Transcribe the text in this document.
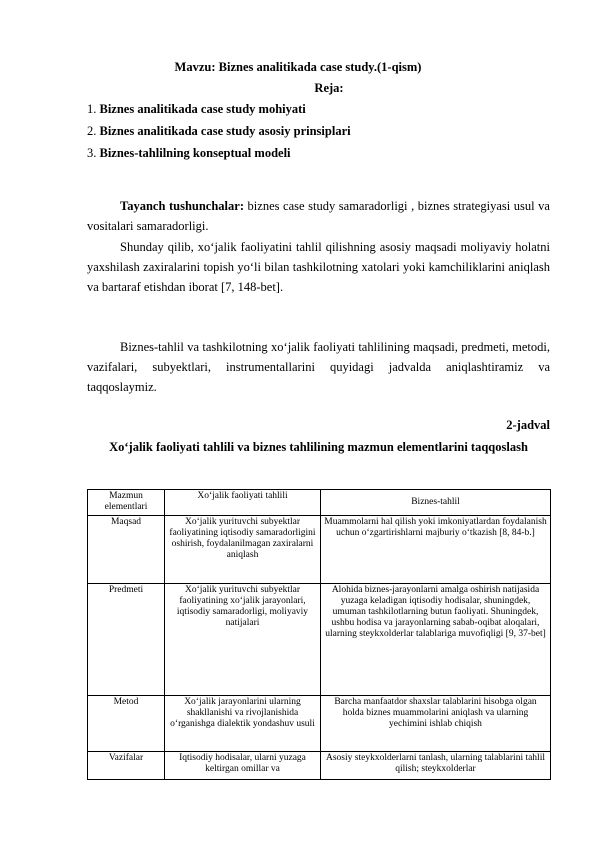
Mavzu: Biznes analitikada case study.(1-qism)
Reja:
1. Biznes analitikada case study mohiyati
2. Biznes analitikada case study asosiy prinsiplari
3. Biznes-tahlilning konseptual modeli
Tayanch tushunchalar: biznes case study samaradorligi , biznes strategiyasi usul va vositalari samaradorligi.
Shunday qilib, xo‘jalik faoliyatini tahlil qilishning asosiy maqsadi moliyaviy holatni yaxshilash zaxiralarini topish yo‘li bilan tashkilotning xatolari yoki kamchiliklarini aniqlash va bartaraf etishdan iborat [7, 148-bet].
Biznes-tahlil va tashkilotning xo‘jalik faoliyati tahlilining maqsadi, predmeti, metodi, vazifalari, subyektlari, instrumentallarini quyidagi jadvalda aniqlashtiramiz va taqqoslaymiz.
2-jadval
Xo‘jalik faoliyati tahlili va biznes tahlilining mazmun elementlarini taqqoslash
Mazmun elementlari	Xo‘jalik faoliyati tahlili	Biznes-tahlil
Maqsad	Xo‘jalik yurituvchi subyektlar faoliyatining iqtisodiy samaradorligini oshirish, foydalanilmagan zaxiralarni aniqlash	Muammolarni hal qilish yoki imkoniyatlardan foydalanish uchun o‘zgartirishlarni majburiy o‘tkazish [8, 84-b.]
Predmeti	Xo‘jalik yurituvchi subyektlar faoliyatining xo‘jalik jarayonlari, iqtisodiy samaradorligi, moliyaviy natijalari	Alohida biznes-jarayonlarni amalga oshirish natijasida yuzaga keladigan iqtisodiy hodisalar, shuningdek, umuman tashkilotlarning butun faoliyati. Shuningdek, ushbu hodisa va jarayonlarning sabab-oqibat aloqalari, ularning steykxolderlar talablariga muvofiqligi [9, 37-bet]
Metod	Xo‘jalik jarayonlarini ularning shakllanishi va rivojlanishida o‘rganishga dialektik yondashuv usuli	Barcha manfaatdor shaxslar talablarini hisobga olgan holda biznes muammolarini aniqlash va ularning yechimini ishlab chiqish
Vazifalar	Iqtisodiy hodisalar, ularni yuzaga keltirgan omillar va	Asosiy steykxolderlarni tanlash, ularning talablarini tahlil qilish; steykxolderlar
